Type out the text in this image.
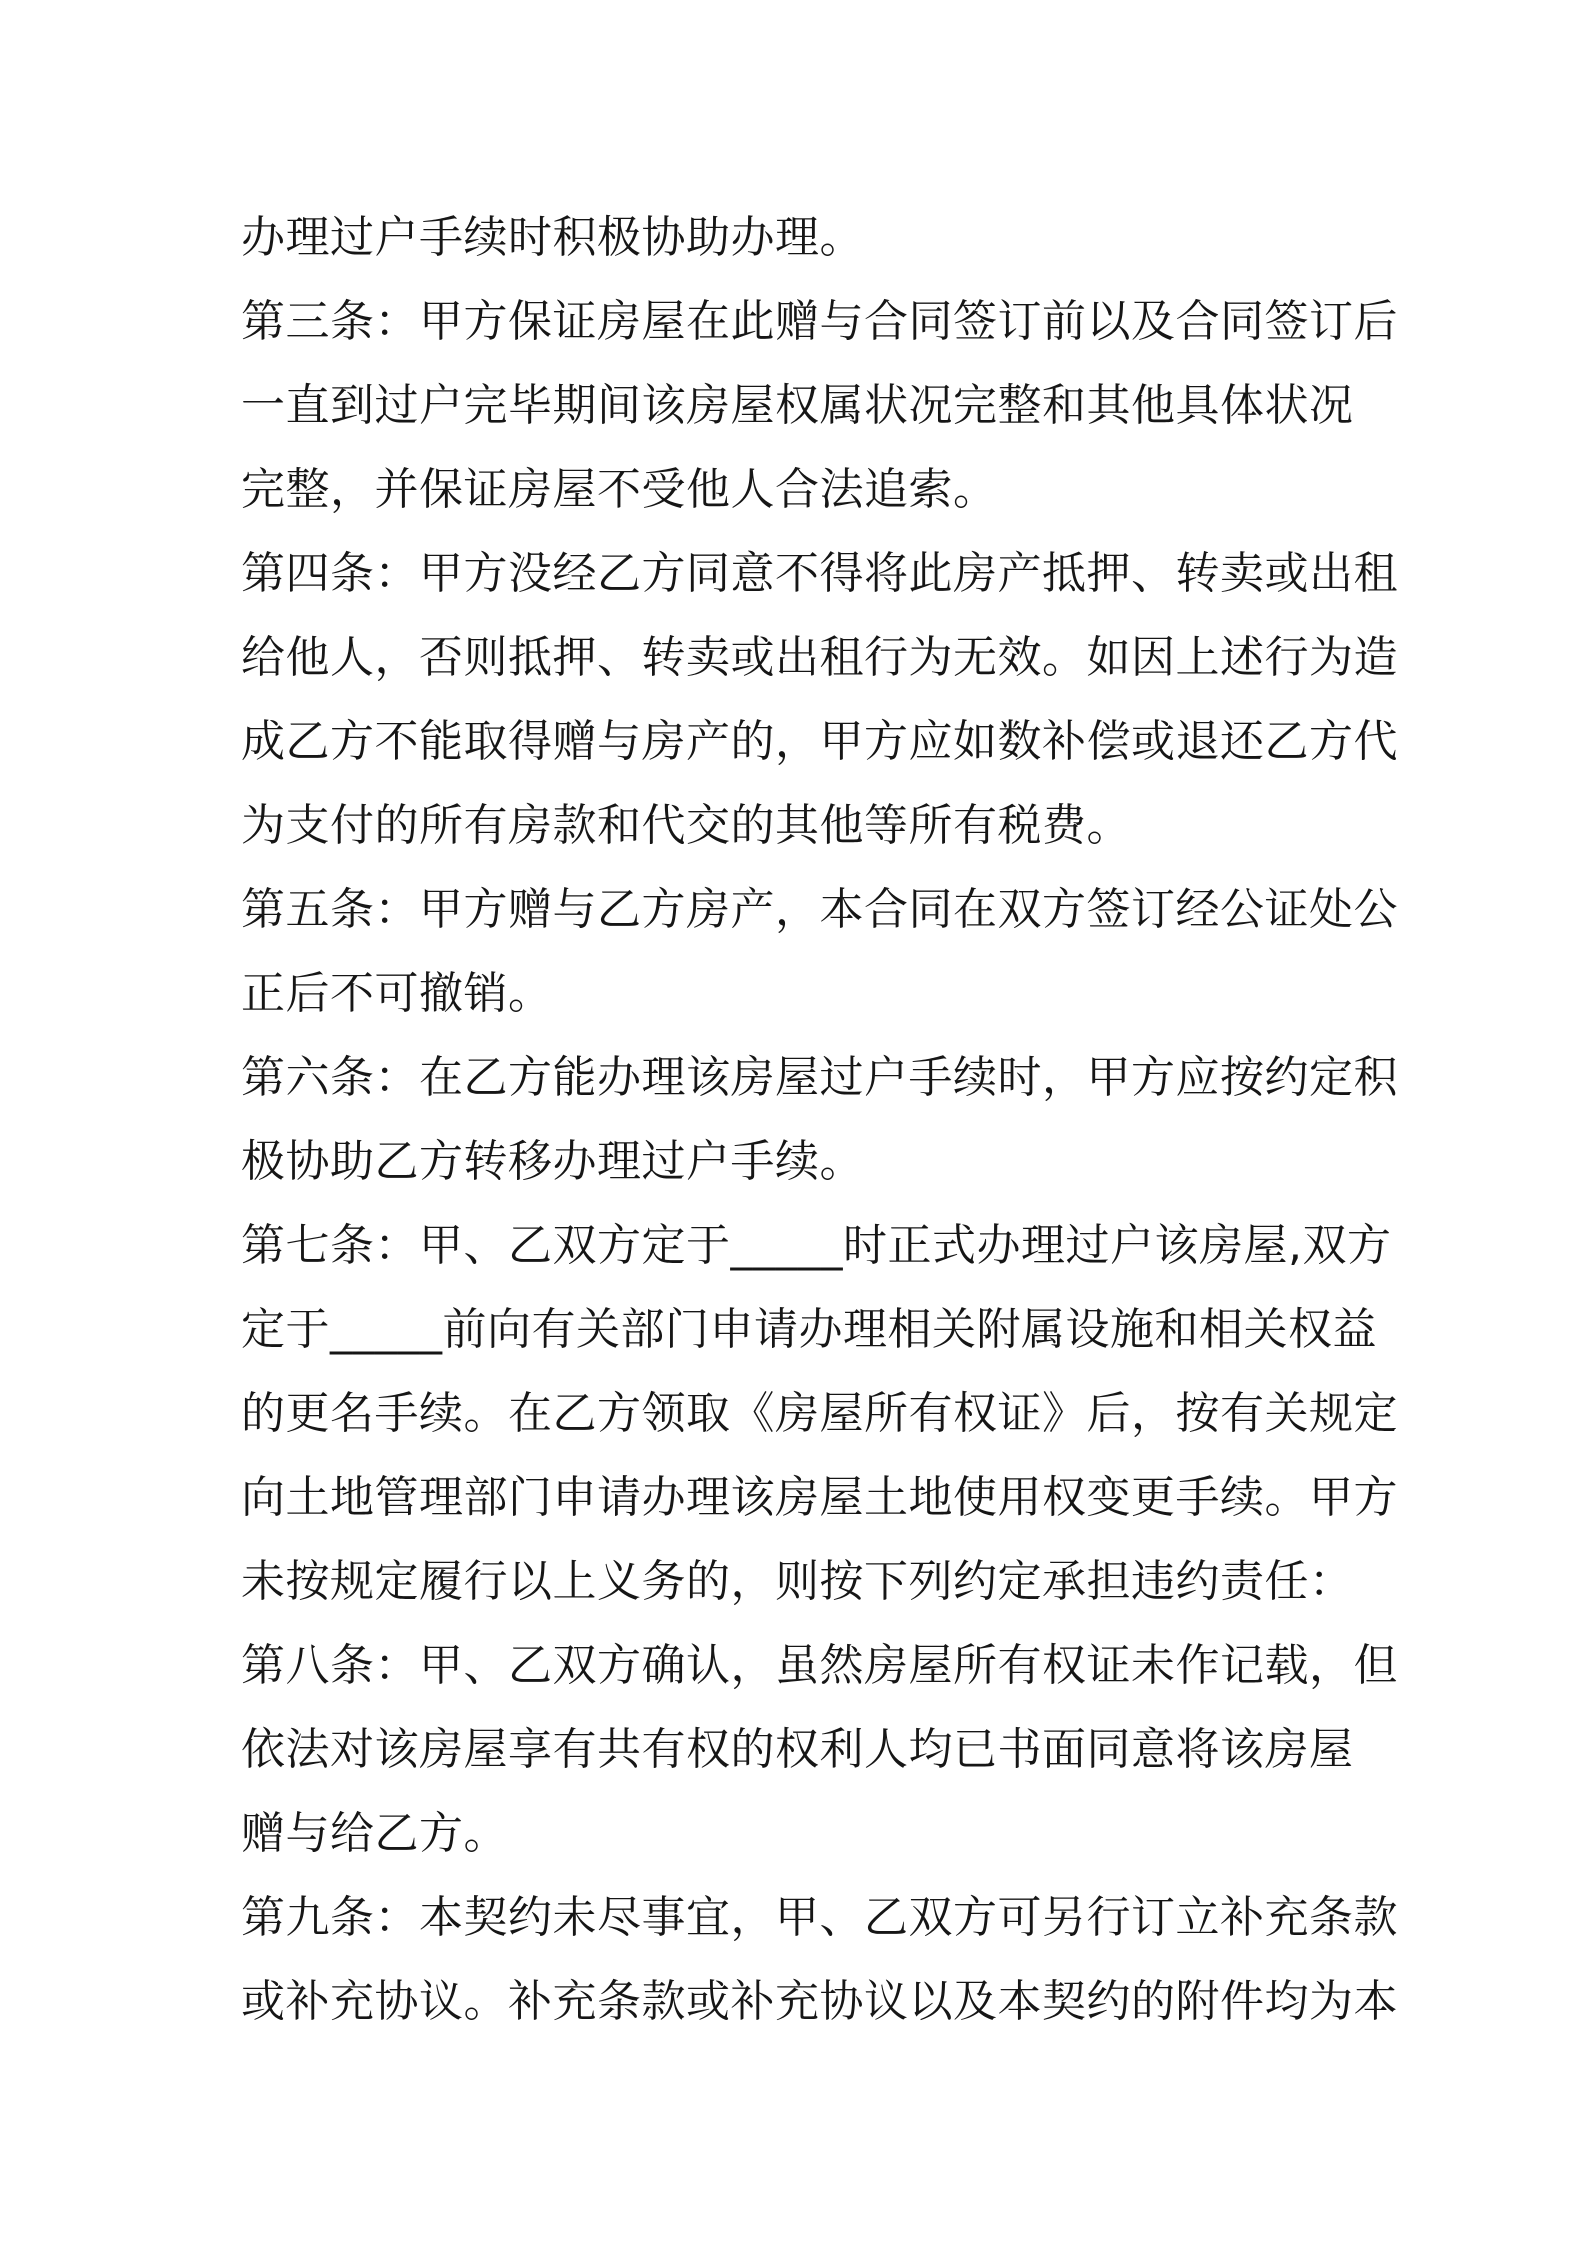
办理过户手续时积极协助办理。
第三条：甲方保证房屋在此赠与合同签订前以及合同签订后
一直到过户完毕期间该房屋权属状况完整和其他具体状况
完整，并保证房屋不受他人合法追索。
第四条：甲方没经乙方同意不得将此房产抵押、转卖或出租
给他人，否则抵押、转卖或出租行为无效。如因上述行为造
成乙方不能取得赠与房产的，甲方应如数补偿或退还乙方代
为支付的所有房款和代交的其他等所有税费。
第五条：甲方赠与乙方房产，本合同在双方签订经公证处公
正后不可撤销。
第六条：在乙方能办理该房屋过户手续时，甲方应按约定积
极协助乙方转移办理过户手续。
第七条：甲、乙双方定于_____时正式办理过户该房屋,双方
定于_____前向有关部门申请办理相关附属设施和相关权益
的更名手续。在乙方领取《房屋所有权证》后，按有关规定
向土地管理部门申请办理该房屋土地使用权变更手续。甲方
未按规定履行以上义务的，则按下列约定承担违约责任：
第八条：甲、乙双方确认，虽然房屋所有权证未作记载，但
依法对该房屋享有共有权的权利人均已书面同意将该房屋
赠与给乙方。
第九条：本契约未尽事宜，甲、乙双方可另行订立补充条款
或补充协议。补充条款或补充协议以及本契约的附件均为本
